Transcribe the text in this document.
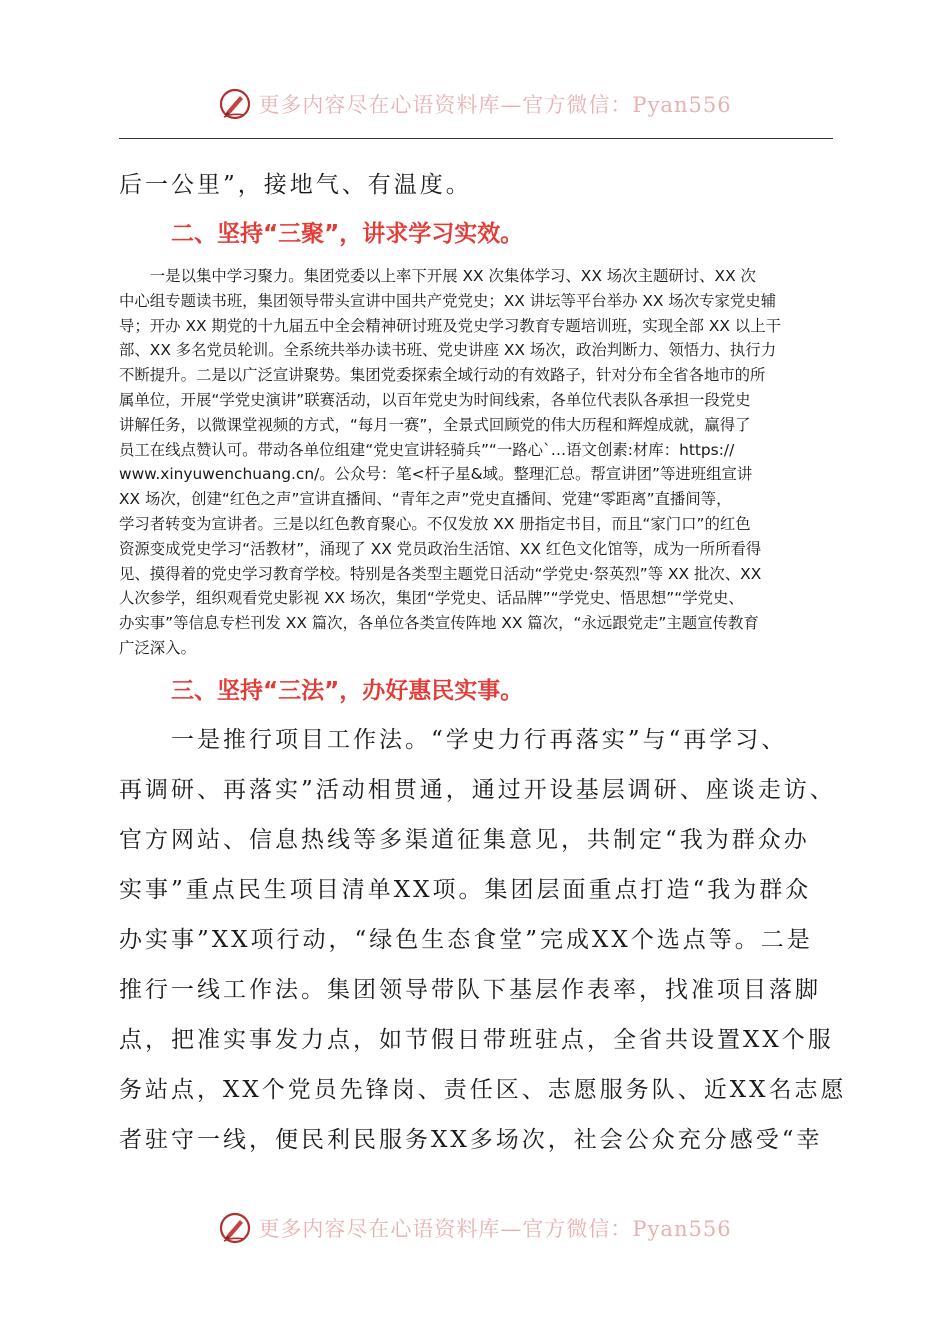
更多内容尽在心语资料库—官方微信：Pyan556
后一公里”，接地气、有温度。
二、坚持“三聚”，讲求学习实效。
　　一是以集中学习聚力。集团党委以上率下开展 XX 次集体学习、XX 场次主题研讨、XX 次
中心组专题读书班，集团领导带头宣讲中国共产党党史；XX 讲坛等平台举办 XX 场次专家党史辅
导；开办 XX 期党的十九届五中全会精神研讨班及党史学习教育专题培训班，实现全部 XX 以上干
部、XX 多名党员轮训。全系统共举办读书班、党史讲座 XX 场次，政治判断力、领悟力、执行力
不断提升。二是以广泛宣讲聚势。集团党委探索全域行动的有效路子，针对分布全省各地市的所
属单位，开展“学党史演讲”联赛活动，以百年党史为时间线索，各单位代表队各承担一段党史
讲解任务，以微课堂视频的方式，“每月一赛”，全景式回顾党的伟大历程和辉煌成就，赢得了
员工在线点赞认可。带动各单位组建“党史宣讲轻骑兵”“一路心`…语文创素:材库：https://
www.xinyuwenchuang.cn/。公众号：笔<杆子星&域。整理汇总。帮宣讲团”等进班组宣讲
XX 场次，创建“红色之声”宣讲直播间、“青年之声”党史直播间、党建“零距离”直播间等，
学习者转变为宣讲者。三是以红色教育聚心。不仅发放 XX 册指定书目，而且“家门口”的红色
资源变成党史学习“活教材”，涌现了 XX 党员政治生活馆、XX 红色文化馆等，成为一所所看得
见、摸得着的党史学习教育学校。特别是各类型主题党日活动“学党史·祭英烈”等 XX 批次、XX
人次参学，组织观看党史影视 XX 场次，集团“学党史、话品牌”“学党史、悟思想”“学党史、
办实事”等信息专栏刊发 XX 篇次，各单位各类宣传阵地 XX 篇次，“永远跟党走”主题宣传教育
广泛深入。
三、坚持“三法”，办好惠民实事。
　　一是推行项目工作法。“学史力行再落实”与“再学习、
再调研、再落实”活动相贯通，通过开设基层调研、座谈走访、
官方网站、信息热线等多渠道征集意见，共制定“我为群众办
实事”重点民生项目清单XX项。集团层面重点打造“我为群众
办实事”XX项行动，“绿色生态食堂”完成XX个选点等。二是
推行一线工作法。集团领导带队下基层作表率，找准项目落脚
点，把准实事发力点，如节假日带班驻点，全省共设置XX个服
务站点，XX个党员先锋岗、责任区、志愿服务队、近XX名志愿
者驻守一线，便民利民服务XX多场次，社会公众充分感受“幸
更多内容尽在心语资料库—官方微信：Pyan556
